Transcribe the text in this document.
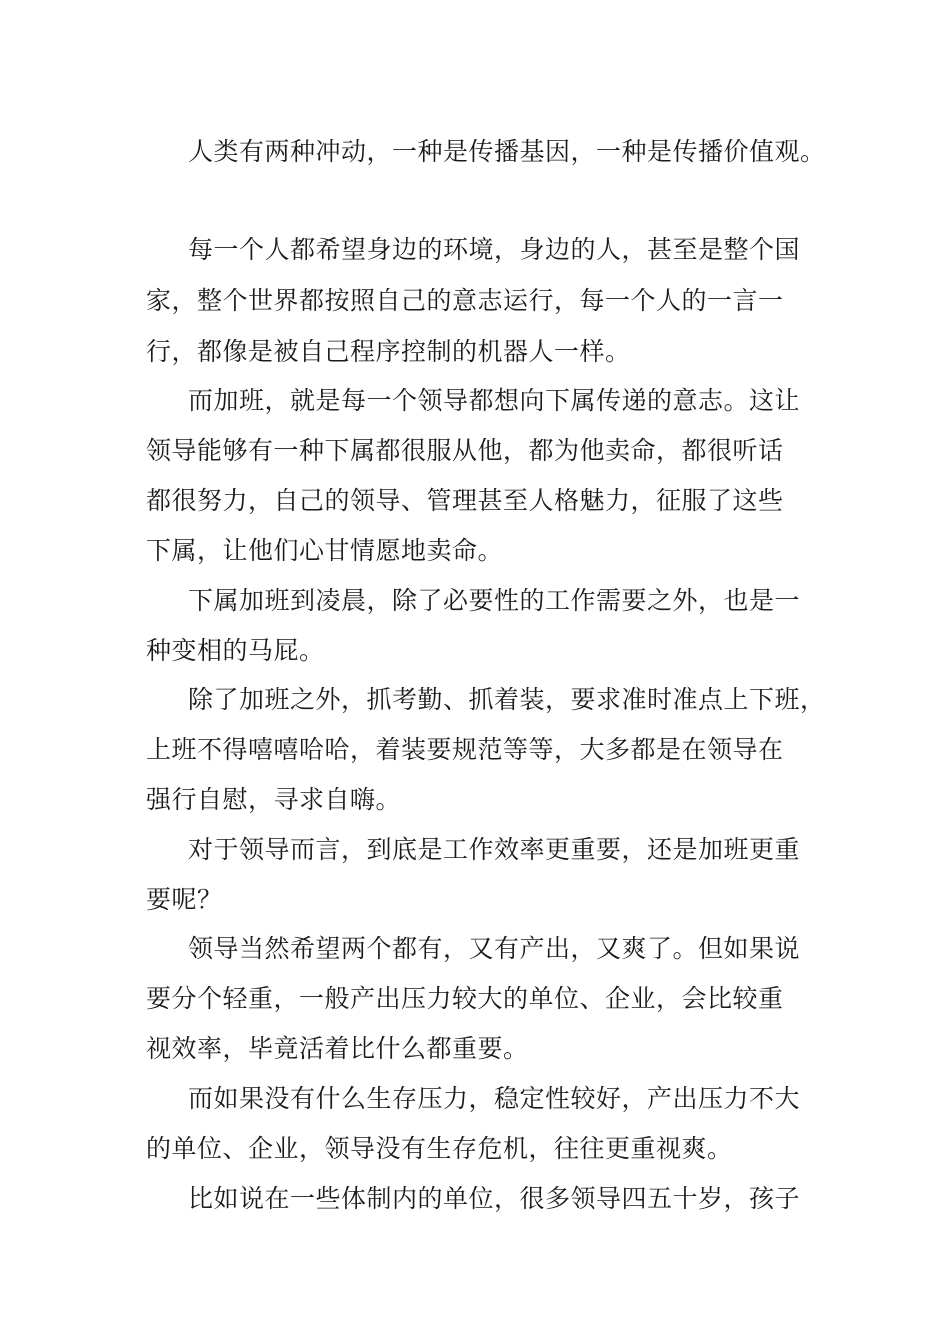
人类有两种冲动，一种是传播基因，一种是传播价值观。

每一个人都希望身边的环境，身边的人，甚至是整个国

家，整个世界都按照自己的意志运行，每一个人的一言一

行，都像是被自己程序控制的机器人一样。

而加班，就是每一个领导都想向下属传递的意志。这让

领导能够有一种下属都很服从他，都为他卖命，都很听话

都很努力，自己的领导、管理甚至人格魅力，征服了这些

下属，让他们心甘情愿地卖命。

下属加班到凌晨，除了必要性的工作需要之外，也是一

种变相的马屁。

除了加班之外，抓考勤、抓着装，要求准时准点上下班，

上班不得嘻嘻哈哈，着装要规范等等，大多都是在领导在

强行自慰，寻求自嗨。

对于领导而言，到底是工作效率更重要，还是加班更重

要呢？

领导当然希望两个都有，又有产出，又爽了。但如果说

要分个轻重，一般产出压力较大的单位、企业，会比较重

视效率，毕竟活着比什么都重要。

而如果没有什么生存压力，稳定性较好，产出压力不大

的单位、企业，领导没有生存危机，往往更重视爽。

比如说在一些体制内的单位，很多领导四五十岁，孩子
